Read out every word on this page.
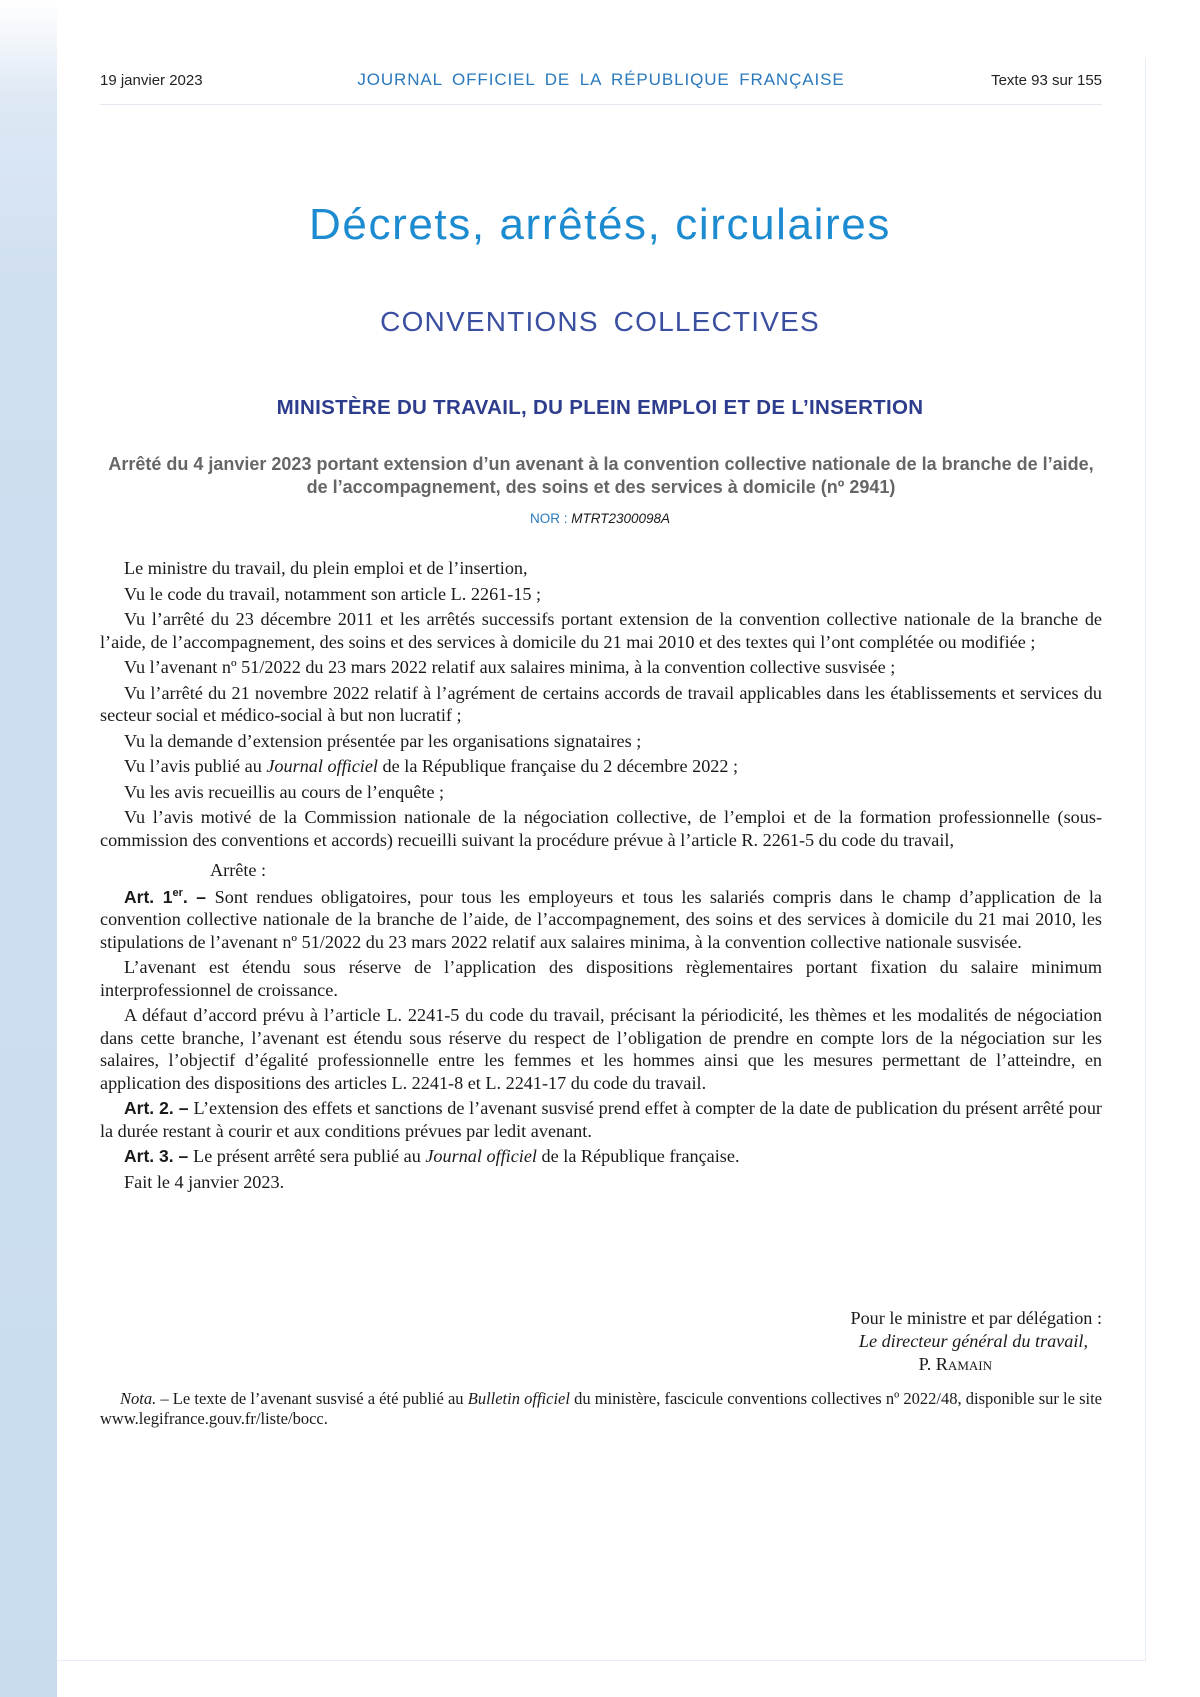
19 janvier 2023	JOURNAL OFFICIEL DE LA RÉPUBLIQUE FRANÇAISE	Texte 93 sur 155
Décrets, arrêtés, circulaires
CONVENTIONS COLLECTIVES
MINISTÈRE DU TRAVAIL, DU PLEIN EMPLOI ET DE L’INSERTION
Arrêté du 4 janvier 2023 portant extension d’un avenant à la convention collective nationale de la branche de l’aide, de l’accompagnement, des soins et des services à domicile (nº 2941)
NOR : MTRT2300098A

Le ministre du travail, du plein emploi et de l’insertion,

Vu le code du travail, notamment son article L. 2261-15 ;

Vu l’arrêté du 23 décembre 2011 et les arrêtés successifs portant extension de la convention collective nationale de la branche de l’aide, de l’accompagnement, des soins et des services à domicile du 21 mai 2010 et des textes qui l’ont complétée ou modifiée ;

Vu l’avenant nº 51/2022 du 23 mars 2022 relatif aux salaires minima, à la convention collective susvisée ;

Vu l’arrêté du 21 novembre 2022 relatif à l’agrément de certains accords de travail applicables dans les établissements et services du secteur social et médico-social à but non lucratif ;

Vu la demande d’extension présentée par les organisations signataires ;

Vu l’avis publié au Journal officiel de la République française du 2 décembre 2022 ;

Vu les avis recueillis au cours de l’enquête ;

Vu l’avis motivé de la Commission nationale de la négociation collective, de l’emploi et de la formation professionnelle (sous-commission des conventions et accords) recueilli suivant la procédure prévue à l’article R. 2261-5 du code du travail,

Arrête :

Art. 1er. – Sont rendues obligatoires, pour tous les employeurs et tous les salariés compris dans le champ d’application de la convention collective nationale de la branche de l’aide, de l’accompagnement, des soins et des services à domicile du 21 mai 2010, les stipulations de l’avenant nº 51/2022 du 23 mars 2022 relatif aux salaires minima, à la convention collective nationale susvisée.

L’avenant est étendu sous réserve de l’application des dispositions règlementaires portant fixation du salaire minimum interprofessionnel de croissance.

A défaut d’accord prévu à l’article L. 2241-5 du code du travail, précisant la périodicité, les thèmes et les modalités de négociation dans cette branche, l’avenant est étendu sous réserve du respect de l’obligation de prendre en compte lors de la négociation sur les salaires, l’objectif d’égalité professionnelle entre les femmes et les hommes ainsi que les mesures permettant de l’atteindre, en application des dispositions des articles L. 2241-8 et L. 2241-17 du code du travail.

Art. 2. – L’extension des effets et sanctions de l’avenant susvisé prend effet à compter de la date de publication du présent arrêté pour la durée restant à courir et aux conditions prévues par ledit avenant.

Art. 3. – Le présent arrêté sera publié au Journal officiel de la République française.

Fait le 4 janvier 2023.

Pour le ministre et par délégation :
Le directeur général du travail,
P. Ramain

Nota. – Le texte de l’avenant susvisé a été publié au Bulletin officiel du ministère, fascicule conventions collectives nº 2022/48, disponible sur le site www.legifrance.gouv.fr/liste/bocc.
